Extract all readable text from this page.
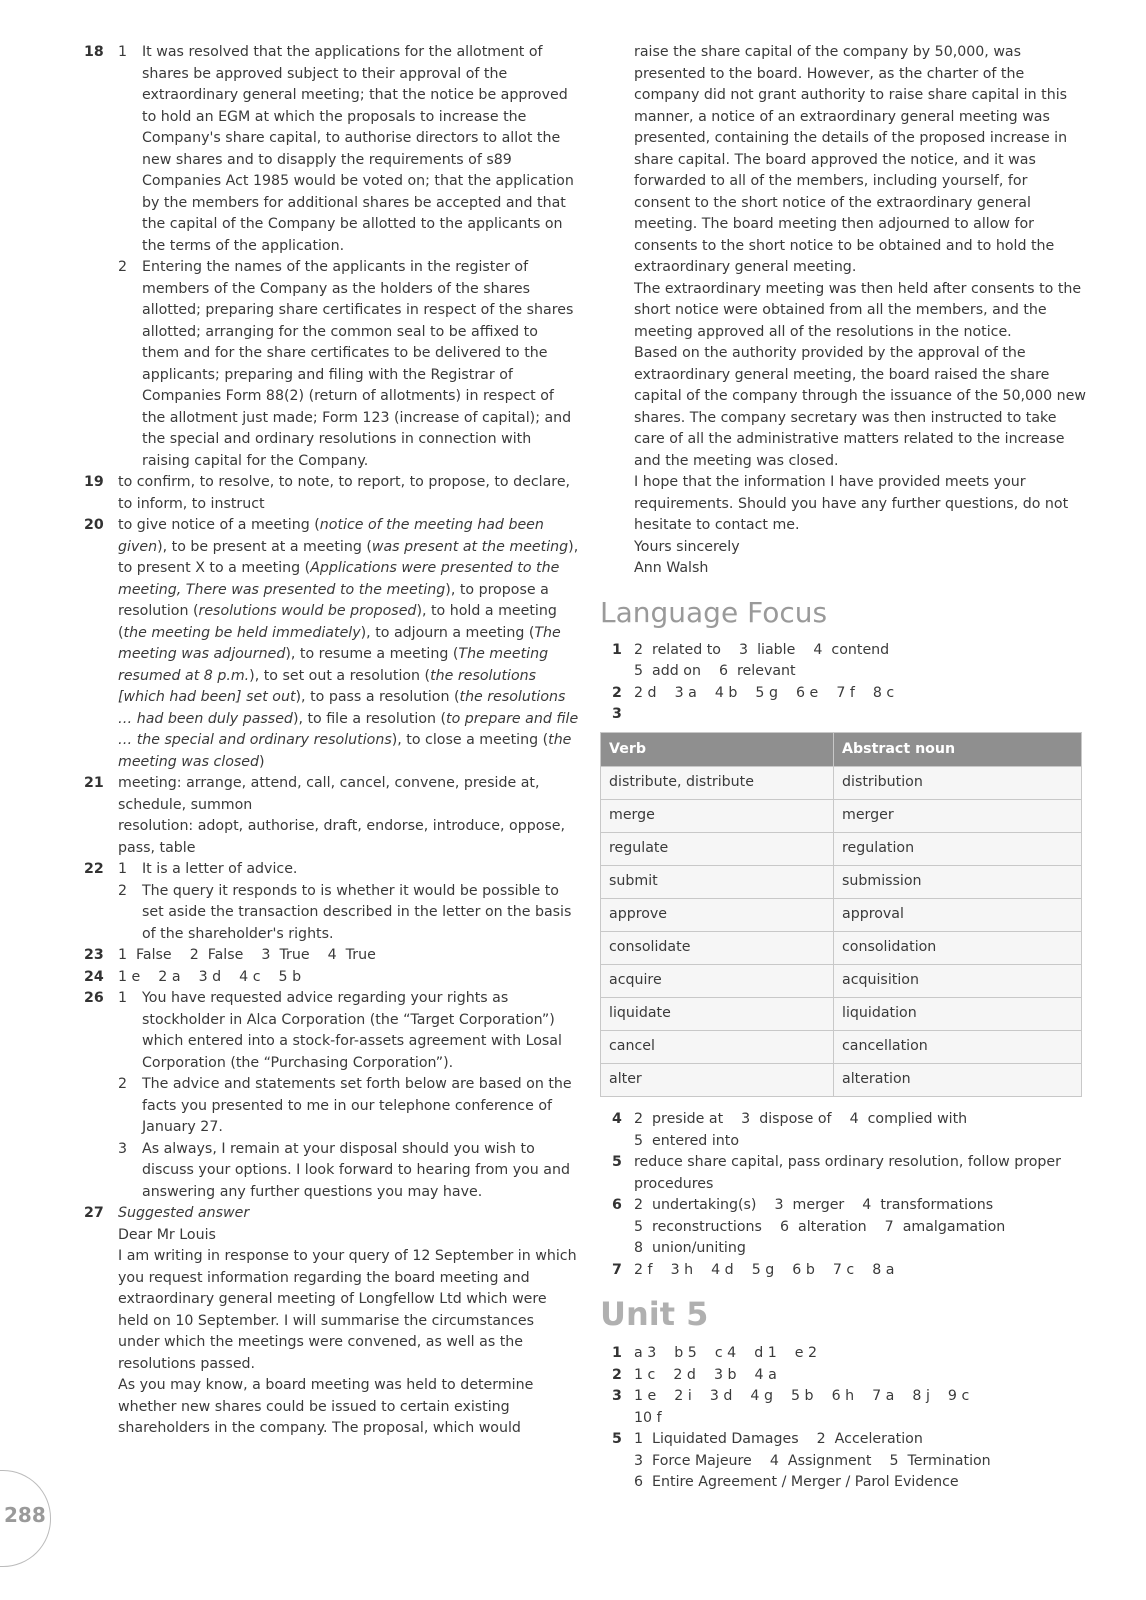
18 1 It was resolved that the applications for the allotment of shares be approved subject to their approval of the extraordinary general meeting; that the notice be approved to hold an EGM at which the proposals to increase the Company's share capital, to authorise directors to allot the new shares and to disapply the requirements of s89 Companies Act 1985 would be voted on; that the application by the members for additional shares be accepted and that the capital of the Company be allotted to the applicants on the terms of the application.
2 Entering the names of the applicants in the register of members of the Company as the holders of the shares allotted; preparing share certificates in respect of the shares allotted; arranging for the common seal to be affixed to them and for the share certificates to be delivered to the applicants; preparing and filing with the Registrar of Companies Form 88(2) (return of allotments) in respect of the allotment just made; Form 123 (increase of capital); and the special and ordinary resolutions in connection with raising capital for the Company.
19 to confirm, to resolve, to note, to report, to propose, to declare, to inform, to instruct
20 to give notice of a meeting (notice of the meeting had been given), to be present at a meeting (was present at the meeting), to present X to a meeting (Applications were presented to the meeting, There was presented to the meeting), to propose a resolution (resolutions would be proposed), to hold a meeting (the meeting be held immediately), to adjourn a meeting (The meeting was adjourned), to resume a meeting (The meeting resumed at 8 p.m.), to set out a resolution (the resolutions [which had been] set out), to pass a resolution (the resolutions … had been duly passed), to file a resolution (to prepare and file … the special and ordinary resolutions), to close a meeting (the meeting was closed)
21 meeting: arrange, attend, call, cancel, convene, preside at, schedule, summon
resolution: adopt, authorise, draft, endorse, introduce, oppose, pass, table
22 1 It is a letter of advice.
2 The query it responds to is whether it would be possible to set aside the transaction described in the letter on the basis of the shareholder's rights.
23 1  False    2  False    3  True    4  True
24 1 e    2 a    3 d    4 c    5 b
26 1 You have requested advice regarding your rights as stockholder in Alca Corporation (the “Target Corporation”) which entered into a stock-for-assets agreement with Losal Corporation (the “Purchasing Corporation”).
2 The advice and statements set forth below are based on the facts you presented to me in our telephone conference of January 27.
3 As always, I remain at your disposal should you wish to discuss your options. I look forward to hearing from you and answering any further questions you may have.
27 Suggested answer

Dear Mr Louis

I am writing in response to your query of 12 September in which you request information regarding the board meeting and extraordinary general meeting of Longfellow Ltd which were held on 10 September. I will summarise the circumstances under which the meetings were convened, as well as the resolutions passed.

As you may know, a board meeting was held to determine whether new shares could be issued to certain existing shareholders in the company. The proposal, which would

raise the share capital of the company by 50,000, was presented to the board. However, as the charter of the company did not grant authority to raise share capital in this manner, a notice of an extraordinary general meeting was presented, containing the details of the proposed increase in share capital. The board approved the notice, and it was forwarded to all of the members, including yourself, for consent to the short notice of the extraordinary general meeting. The board meeting then adjourned to allow for consents to the short notice to be obtained and to hold the extraordinary general meeting.

The extraordinary meeting was then held after consents to the short notice were obtained from all the members, and the meeting approved all of the resolutions in the notice.

Based on the authority provided by the approval of the extraordinary general meeting, the board raised the share capital of the company through the issuance of the 50,000 new shares. The company secretary was then instructed to take care of all the administrative matters related to the increase and the meeting was closed.

I hope that the information I have provided meets your requirements. Should you have any further questions, do not hesitate to contact me.

Yours sincerely

Ann Walsh

Language Focus
1 2  related to    3  liable    4  contend
5  add on    6  relevant
2 2 d    3 a    4 b    5 g    6 e    7 f    8 c
3

Verb	Abstract noun
distribute, distribute	distribution
merge	merger
regulate	regulation
submit	submission
approve	approval
consolidate	consolidation
acquire	acquisition
liquidate	liquidation
cancel	cancellation
alter	alteration
4 2  preside at    3  dispose of    4  complied with
5  entered into
5 reduce share capital, pass ordinary resolution, follow proper procedures
6 2  undertaking(s)    3  merger    4  transformations
5  reconstructions    6  alteration    7  amalgamation
8  union/uniting
7 2 f    3 h    4 d    5 g    6 b    7 c    8 a
Unit 5
1 a 3    b 5    c 4    d 1    e 2
2 1 c    2 d    3 b    4 a
3 1 e    2 i    3 d    4 g    5 b    6 h    7 a    8 j    9 c
10 f
5 1  Liquidated Damages    2  Acceleration
3  Force Majeure    4  Assignment    5  Termination
6  Entire Agreement / Merger / Parol Evidence
288
